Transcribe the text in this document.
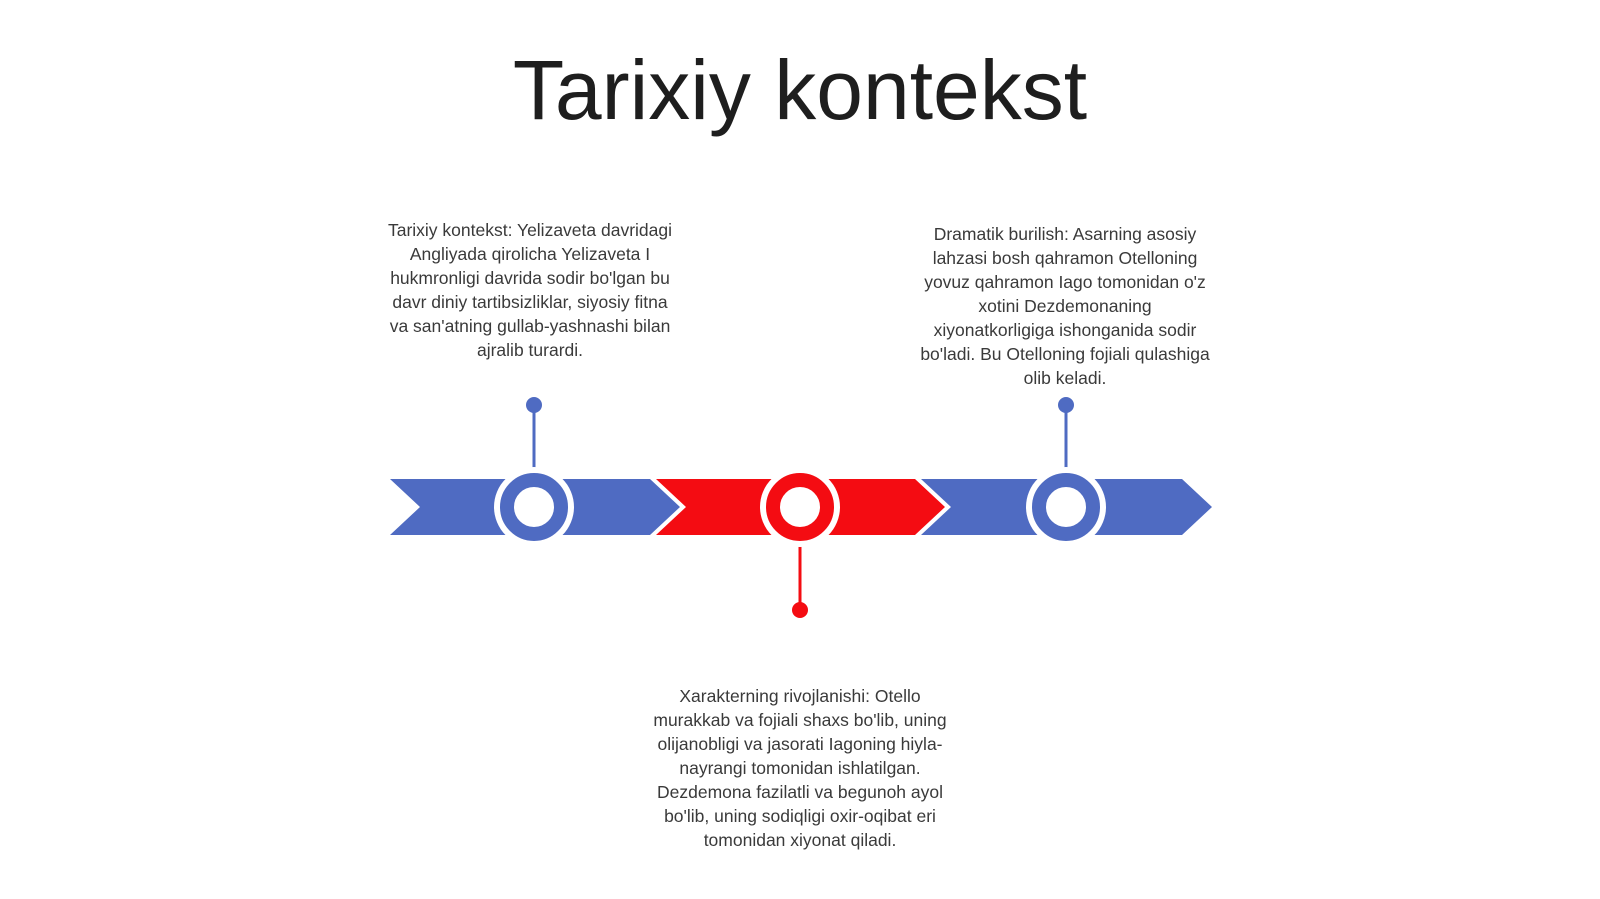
Tarixiy kontekst
Tarixiy kontekst: Yelizaveta davridagi Angliyada qirolicha Yelizaveta I hukmronligi davrida sodir bo'lgan bu davr diniy tartibsizliklar, siyosiy fitna va san'atning gullab-yashnashi bilan ajralib turardi.
Xarakterning rivojlanishi: Otello murakkab va fojiali shaxs bo'lib, uning olijanobligi va jasorati Iagoning hiyla-nayrangi tomonidan ishlatilgan. Dezdemona fazilatli va begunoh ayol bo'lib, uning sodiqligi oxir-oqibat eri tomonidan xiyonat qiladi.
Dramatik burilish: Asarning asosiy lahzasi bosh qahramon Otelloning yovuz qahramon Iago tomonidan o'z xotini Dezdemonaning xiyonatkorligiga ishonganida sodir bo'ladi. Bu Otelloning fojiali qulashiga olib keladi.
